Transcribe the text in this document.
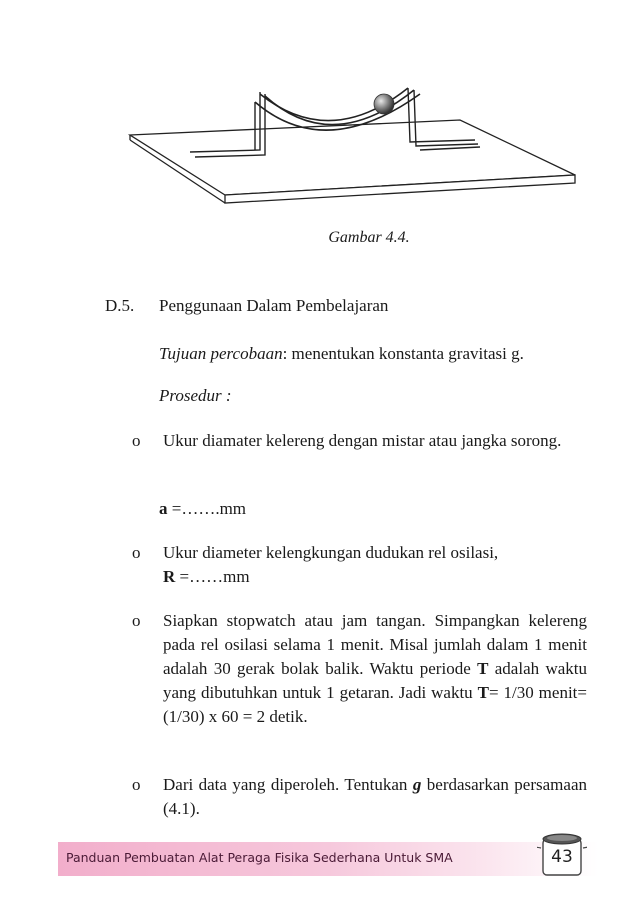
Gambar 4.4.
D.5. Penggunaan Dalam Pembelajaran
Tujuan percobaan: menentukan konstanta gravitasi g.
Prosedur :
o Ukur diamater kelereng dengan mistar atau jangka sorong.
a =…….mm
o Ukur diameter kelengkungan dudukan rel osilasi,
R =……mm
o Siapkan stopwatch atau jam tangan. Simpangkan kelereng pada rel osilasi selama 1 menit. Misal jumlah dalam 1 menit adalah 30 gerak bolak balik. Waktu periode T adalah waktu yang dibutuhkan untuk 1 getaran. Jadi waktu T= 1/30 menit= (1/30) x 60 = 2 detik.
o Dari data yang diperoleh. Tentukan g berdasarkan persamaan (4.1).
Panduan Pembuatan Alat Peraga Fisika Sederhana Untuk SMA	43
